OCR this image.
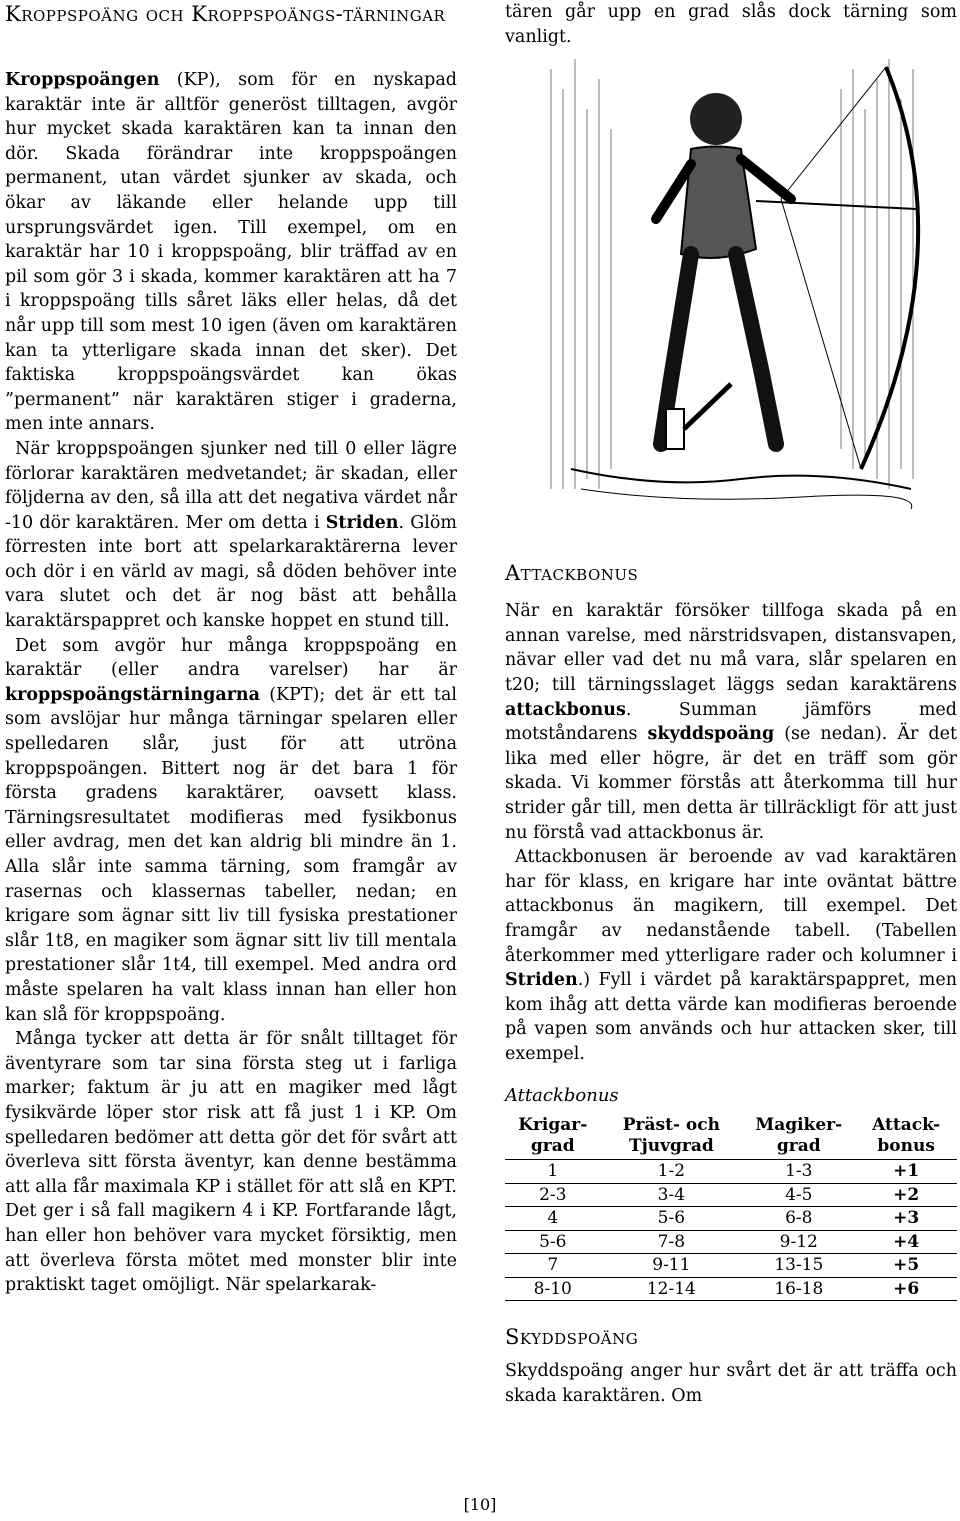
Kroppspoäng och Kroppspoängs-tärningar

Kroppspoängen (KP), som för en nyskapad karaktär inte är alltför generöst tilltagen, avgör hur mycket skada karaktären kan ta innan den dör. Skada förändrar inte kroppspoängen permanent, utan värdet sjunker av skada, och ökar av läkande eller helande upp till ursprungsvärdet igen. Till exempel, om en karaktär har 10 i kroppspoäng, blir träffad av en pil som gör 3 i skada, kommer karaktären att ha 7 i kroppspoäng tills såret läks eller helas, då det når upp till som mest 10 igen (även om karaktären kan ta ytterligare skada innan det sker). Det faktiska kroppspoängsvärdet kan ökas ”permanent” när karaktären stiger i graderna, men inte annars.

När kroppspoängen sjunker ned till 0 eller lägre förlorar karaktären medvetandet; är skadan, eller följderna av den, så illa att det negativa värdet når -10 dör karaktären. Mer om detta i Striden. Glöm förresten inte bort att spelarkaraktärerna lever och dör i en värld av magi, så döden behöver inte vara slutet och det är nog bäst att behålla karaktärspappret och kanske hoppet en stund till.

Det som avgör hur många kroppspoäng en karaktär (eller andra varelser) har är kroppspoängstärningarna (KPT); det är ett tal som avslöjar hur många tärningar spelaren eller spelledaren slår, just för att utröna kroppspoängen. Bittert nog är det bara 1 för första gradens karaktärer, oavsett klass. Tärningsresultatet modifieras med fysikbonus eller avdrag, men det kan aldrig bli mindre än 1. Alla slår inte samma tärning, som framgår av rasernas och klassernas tabeller, nedan; en krigare som ägnar sitt liv till fysiska prestationer slår 1t8, en magiker som ägnar sitt liv till mentala prestationer slår 1t4, till exempel. Med andra ord måste spelaren ha valt klass innan han eller hon kan slå för kroppspoäng.

Många tycker att detta är för snålt tilltaget för äventyrare som tar sina första steg ut i farliga marker; faktum är ju att en magiker med lågt fysikvärde löper stor risk att få just 1 i KP. Om spelledaren bedömer att detta gör det för svårt att överleva sitt första äventyr, kan denne bestämma att alla får maximala KP i stället för att slå en KPT. Det ger i så fall magikern 4 i KP. Fortfarande lågt, han eller hon behöver vara mycket försiktig, men att överleva första mötet med monster blir inte praktiskt taget omöjligt. När spelarkarak-

tären går upp en grad slås dock tärning som vanligt.

Attackbonus

När en karaktär försöker tillfoga skada på en annan varelse, med närstridsvapen, distansvapen, nävar eller vad det nu må vara, slår spelaren en t20; till tärningsslaget läggs sedan karaktärens attackbonus. Summan jämförs med motståndarens skyddspoäng (se nedan). Är det lika med eller högre, är det en träff som gör skada. Vi kommer förstås att återkomma till hur strider går till, men detta är tillräckligt för att just nu förstå vad attackbonus är.

Attackbonusen är beroende av vad karaktären har för klass, en krigare har inte oväntat bättre attackbonus än magikern, till exempel. Det framgår av nedanstående tabell. (Tabellen återkommer med ytterligare rader och kolumner i Striden.) Fyll i värdet på karaktärspappret, men kom ihåg att detta värde kan modifieras beroende på vapen som används och hur attacken sker, till exempel.

Attackbonus
Krigar-grad	Präst- och Tjuvgrad	Magiker-grad	Attack-bonus
1	1-2	1-3	+1
2-3	3-4	4-5	+2
4	5-6	6-8	+3
5-6	7-8	9-12	+4
7	9-11	13-15	+5
8-10	12-14	16-18	+6
Skyddspoäng

Skyddspoäng anger hur svårt det är att träffa och skada karaktären. Om

[10]
